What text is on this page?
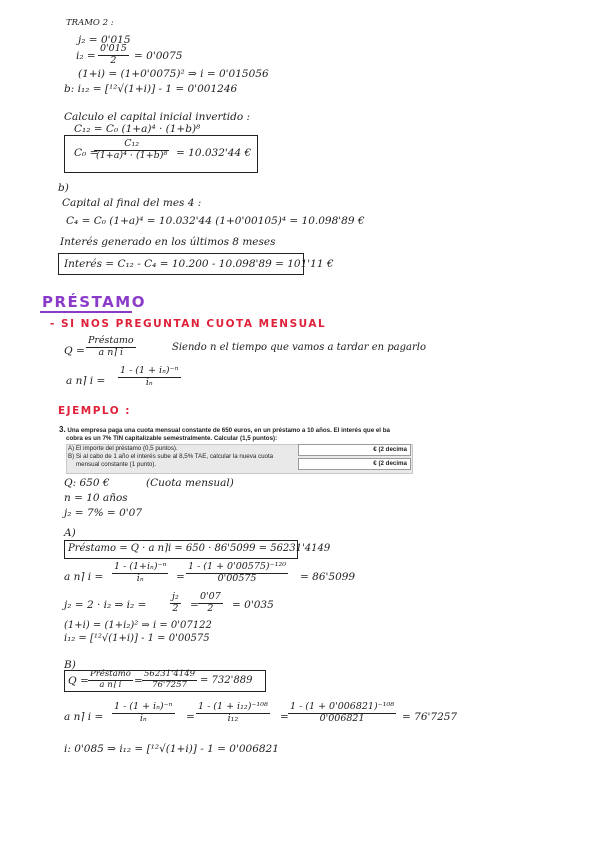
TRAMO 2 :
j₂ = 0'015
$i_2 = \frac{0'015}{2} = 0'0075$
(1+i) = (1+0'0075)² ⇒ i = 0'015056
b: i₁₂ = [¹²√(1+i)] - 1 = 0'001246
Calculo el capital inicial invertido :
C₁₂ = C₀ (1+a)⁴ · (1+b)⁸
C₀ =
$\frac{\text{C₁₂}}{\text{(1+a)⁴ · (1+b)⁸}} = 10.032'44$ €
b)
Capital al final del mes 4 :
C₄ = C₀ (1+a)⁴ = 10.032'44 (1+0'00105)⁴ = 10.098'89 €
Interés generado en los últimos 8 meses
Interés = C₁₂ - C₄ = 10.200 - 10.098'89 = 101'11 €
PRÉSTAMO
- SI NOS PREGUNTAN CUOTA MENSUAL
Q =
Préstamo
a n⌉ i	Siendo n el tiempo que vamos a tardar en pagarlo
a n⌉ $i = \frac{\text{1 - (1 + iₙ)⁻ⁿ}}{\text{iₙ}}$
EJEMPLO :
3. Una empresa paga una cuota mensual constante de 650 euros, en un préstamo a 10 años. El interés que el ba
cobra es un 7% TIN capitalizable semestralmente. Calcular (1,5 puntos):
A) El importe del préstamo (0,5 puntos).
B) Si al cabo de 1 año el interés sube al 8,5% TAE, calcular la nueva cuota
mensual constante (1 punto).
€ (2 decima
€ (2 decima
Q: 650 €	(Cuota mensual)
n = 10 años
j₂ = 7% = 0'07
A)
Préstamo = Q · a n⌉i = 650 · 86'5099 = 56231'4149
a n⌉ $i = \frac{\text{1 - (1+iₙ)⁻ⁿ}}{\text{iₙ}} = \frac{\text{1 - (1 + 0'00575)⁻¹²⁰}}{0'00575} = 86'5099$
j₂ = 2 · i₂ ⇒ $i_2 = \frac{\text{j₂}}{2} = \frac{0'07}{2} = 0'035$
(1+i) = (1+i₂)² ⇒ i = 0'07122
i₁₂ = [¹²√(1+i)] - 1 = 0'00575
B)
Q =
Préstamo
a n⌉ i	= $\frac{56231'4149}{76'7257} = 732'889$
a n⌉ $i = \frac{\text{1 - (1 + iₙ)⁻ⁿ}}{\text{iₙ}} = \frac{\text{1 - (1 + i₁₂)⁻¹⁰⁸}}{\text{i₁₂}} = \frac{\text{1 - (1 + 0'006821)⁻¹⁰⁸}}{0'006821} = 76'7257$
i: 0'085 ⇒ i₁₂ = [¹²√(1+i)] - 1 = 0'006821
